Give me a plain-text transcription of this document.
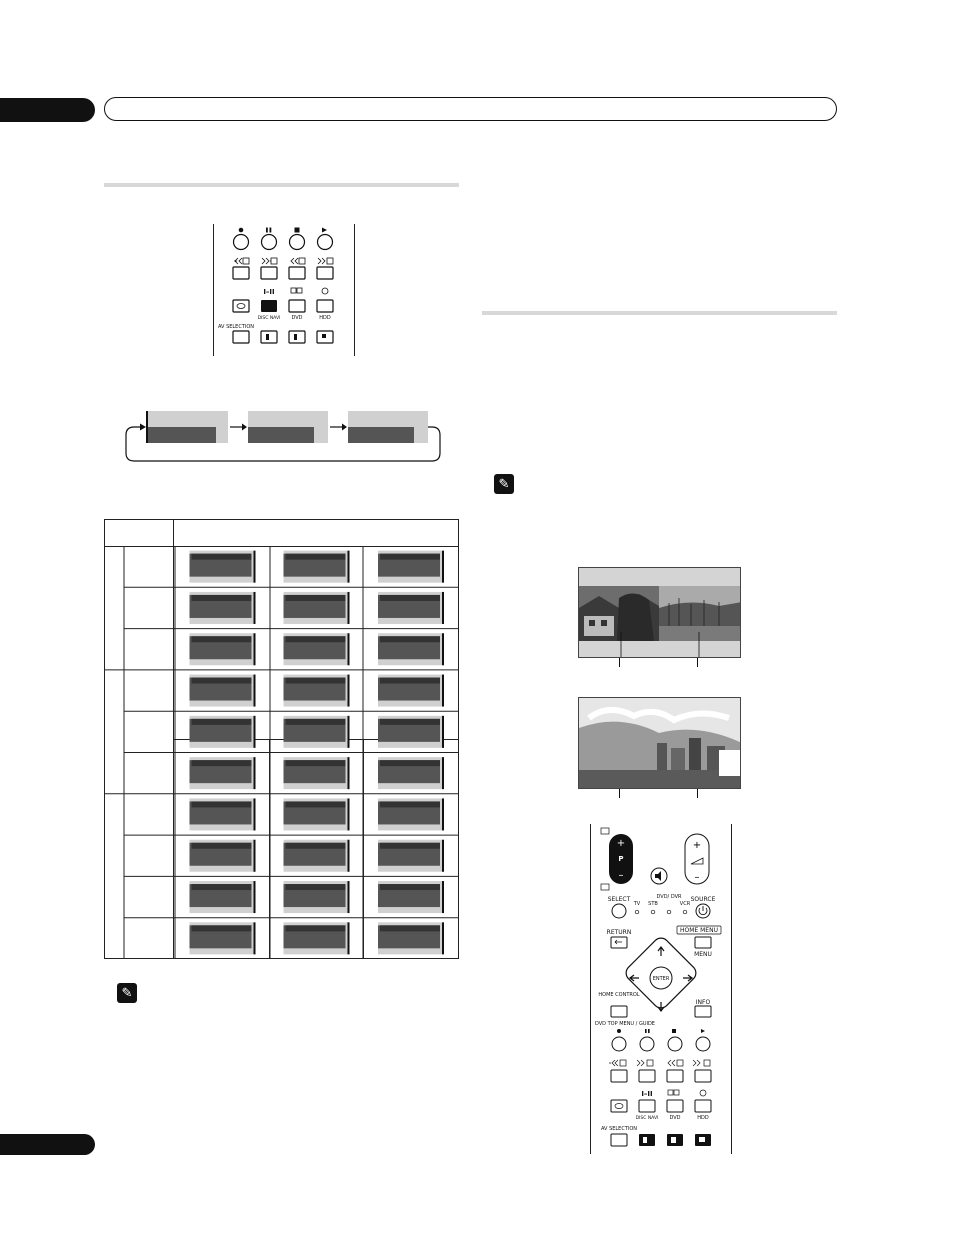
I–II
DISC NAVI DVD	HDD
AV SELECTION

✎
✎
+
P
–
+
–
SELECT
TV STB
DVD/ DVR
VCR
SOURCE
RETURN	HOME MENU
MENU
ENTER
HOME CONTROL
INFO
DVD TOP MENU / GUIDE
I–II
DISC NAVI DVD	HDD
AV SELECTION
